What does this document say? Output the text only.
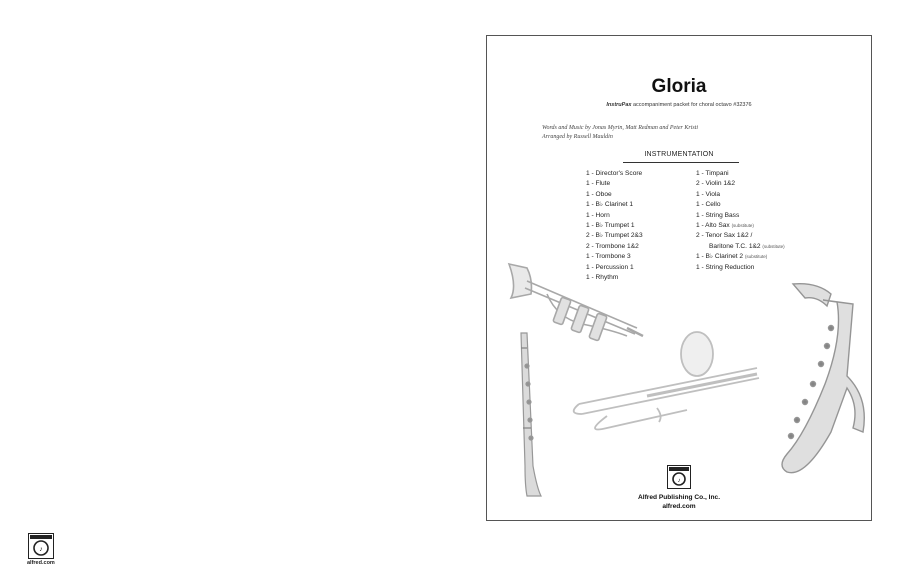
Gloria
InstruPax accompaniment packet for choral octavo #32376
Words and Music by Jonas Myrin, Matt Redman and Peter Kristi
Arranged by Russell Mauldin
INSTRUMENTATION
1 - Director's Score
1 - Flute
1 - Oboe
1 - B♭ Clarinet 1
1 - Horn
1 - B♭ Trumpet 1
2 - B♭ Trumpet 2&3
2 - Trombone 1&2
1 - Trombone 3
1 - Percussion 1
1 - Rhythm
1 - Timpani
2 - Violin 1&2
1 - Viola
1 - Cello
1 - String Bass
1 - Alto Sax (substitute)
2 - Tenor Sax 1&2 /
Baritone T.C. 1&2 (substitute)
1 - B♭ Clarinet 2 (substitute)
1 - String Reduction
♪
Alfred Publishing Co., Inc.
alfred.com
♪
alfred.com
